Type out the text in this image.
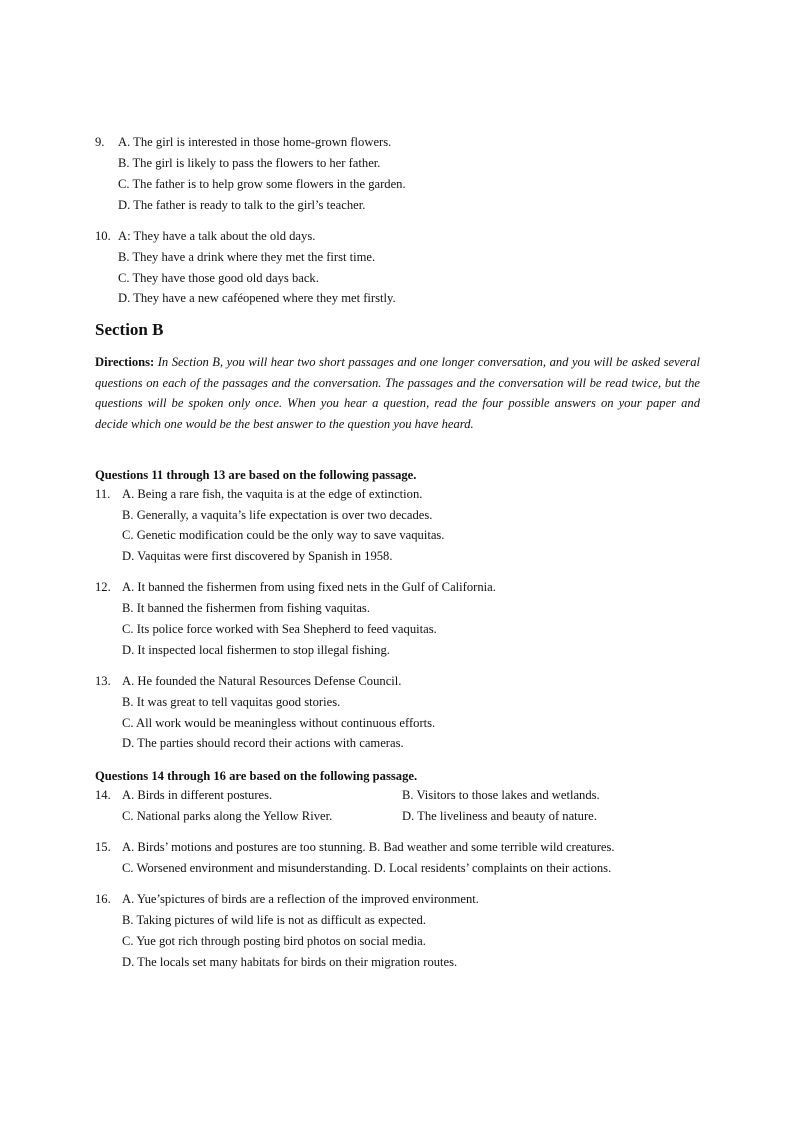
9. A. The girl is interested in those home-grown flowers.
B. The girl is likely to pass the flowers to her father.
C. The father is to help grow some flowers in the garden.
D. The father is ready to talk to the girl’s teacher.
10. A: They have a talk about the old days.
B. They have a drink where they met the first time.
C. They have those good old days back.
D. They have a new caféopened where they met firstly.
Section B
Directions: In Section B, you will hear two short passages and one longer conversation, and you will be asked several questions on each of the passages and the conversation. The passages and the conversation will be read twice, but the questions will be spoken only once. When you hear a question, read the four possible answers on your paper and decide which one would be the best answer to the question you have heard.
Questions 11 through 13 are based on the following passage.
11. A. Being a rare fish, the vaquita is at the edge of extinction.
B. Generally, a vaquita’s life expectation is over two decades.
C. Genetic modification could be the only way to save vaquitas.
D. Vaquitas were first discovered by Spanish in 1958.
12. A. It banned the fishermen from using fixed nets in the Gulf of California.
B. It banned the fishermen from fishing vaquitas.
C. Its police force worked with Sea Shepherd to feed vaquitas.
D. It inspected local fishermen to stop illegal fishing.
13. A. He founded the Natural Resources Defense Council.
B. It was great to tell vaquitas good stories.
C. All work would be meaningless without continuous efforts.
D. The parties should record their actions with cameras.
Questions 14 through 16 are based on the following passage.
14. A. Birds in different postures.	B. Visitors to those lakes and wetlands.
C. National parks along the Yellow River.	D. The liveliness and beauty of nature.
15. A. Birds’ motions and postures are too stunning. B. Bad weather and some terrible wild creatures.
C. Worsened environment and misunderstanding. D. Local residents’ complaints on their actions.
16. A. Yue’spictures of birds are a reflection of the improved environment.
B. Taking pictures of wild life is not as difficult as expected.
C. Yue got rich through posting bird photos on social media.
D. The locals set many habitats for birds on their migration routes.
